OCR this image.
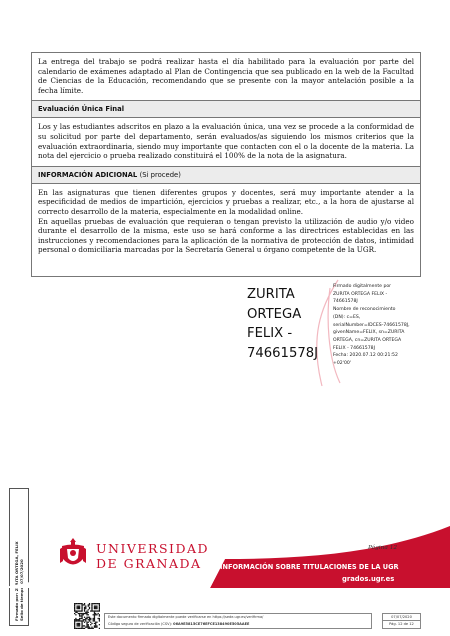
La entrega del trabajo se podrá realizar hasta el día habilitado para la evaluación por parte del calendario de exámenes adaptado al Plan de Contingencia que sea publicado en la web de la Facultad de Ciencias de la Educación, recomendando que se presente con la mayor antelación posible a la fecha límite.

Evaluación Única Final

Los y las estudiantes adscritos en plazo a la evaluación única, una vez se procede a la conformidad de su solicitud por parte del departamento, serán evaluados/as siguiendo los mismos criterios que la evaluación extraordinaria, siendo muy importante que contacten con el o la docente de la materia. La nota del ejercicio o prueba realizado constituirá el 100% de la nota de la asignatura.

INFORMACIÓN ADICIONAL (Si procede)

En las asignaturas que tienen diferentes grupos y docentes, será muy importante atender a la especificidad de medios de impartición, ejercicios y pruebas a realizar, etc., a la hora de ajustarse al correcto desarrollo de la materia, especialmente en la modalidad online.

En aquellas pruebas de evaluación que requieran o tengan previsto la utilización de audio y/o video durante el desarrollo de la misma, este uso se hará conforme a las directrices establecidas en las instrucciones y recomendaciones para la aplicación de la normativa de protección de datos, intimidad personal o domiciliaria marcadas por la Secretaría General u órgano competente de la UGR.

ZURITA
ORTEGA
FELIX -
74661578J
Firmado digitalmente por
ZURITA ORTEGA FELIX -
74661578J
Nombre de reconocimiento
(DN): c=ES,
serialNumber=IDCES-74661578J,
givenName=FELIX, sn=ZURITA
ORTEGA, cn=ZURITA ORTEGA
FELIX - 74661578J
Fecha: 2020.07.12 00:21:52
+02'00'
Firmado por: ZURITA ORTEGA, FELIX Sello de tiempo: 07/07/2020
Página 12
UNIVERSIDAD
DE GRANADA	INFORMACIÓN SOBRE TITULACIONES DE LA UGR
grados.ugr.es
Este documento firmado digitalmente puede verificarse en https://sede.ugr.es/verifirma/
Código seguro de verificación (CSV): 06A9E5815CE76EFCE138490E505AAEE
07/07/2020
Pág. 12 de 12
